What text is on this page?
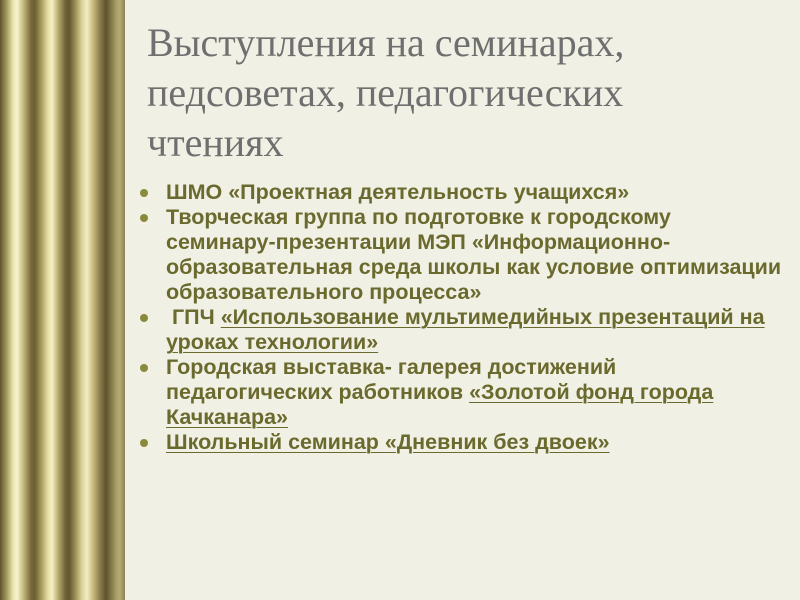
Выступления на семинарах,
педсоветах, педагогических
чтениях
ШМО «Проектная деятельность учащихся»
Творческая группа по подготовке к городскому семинару-презентации МЭП «Информационно-образовательная среда школы как условие оптимизации образовательного процесса»
ГПЧ «Использование мультимедийных презентаций на уроках технологии»
Городская выставка- галерея достижений педагогических работников «Золотой фонд города Качканара»
Школьный семинар «Дневник без двоек»
